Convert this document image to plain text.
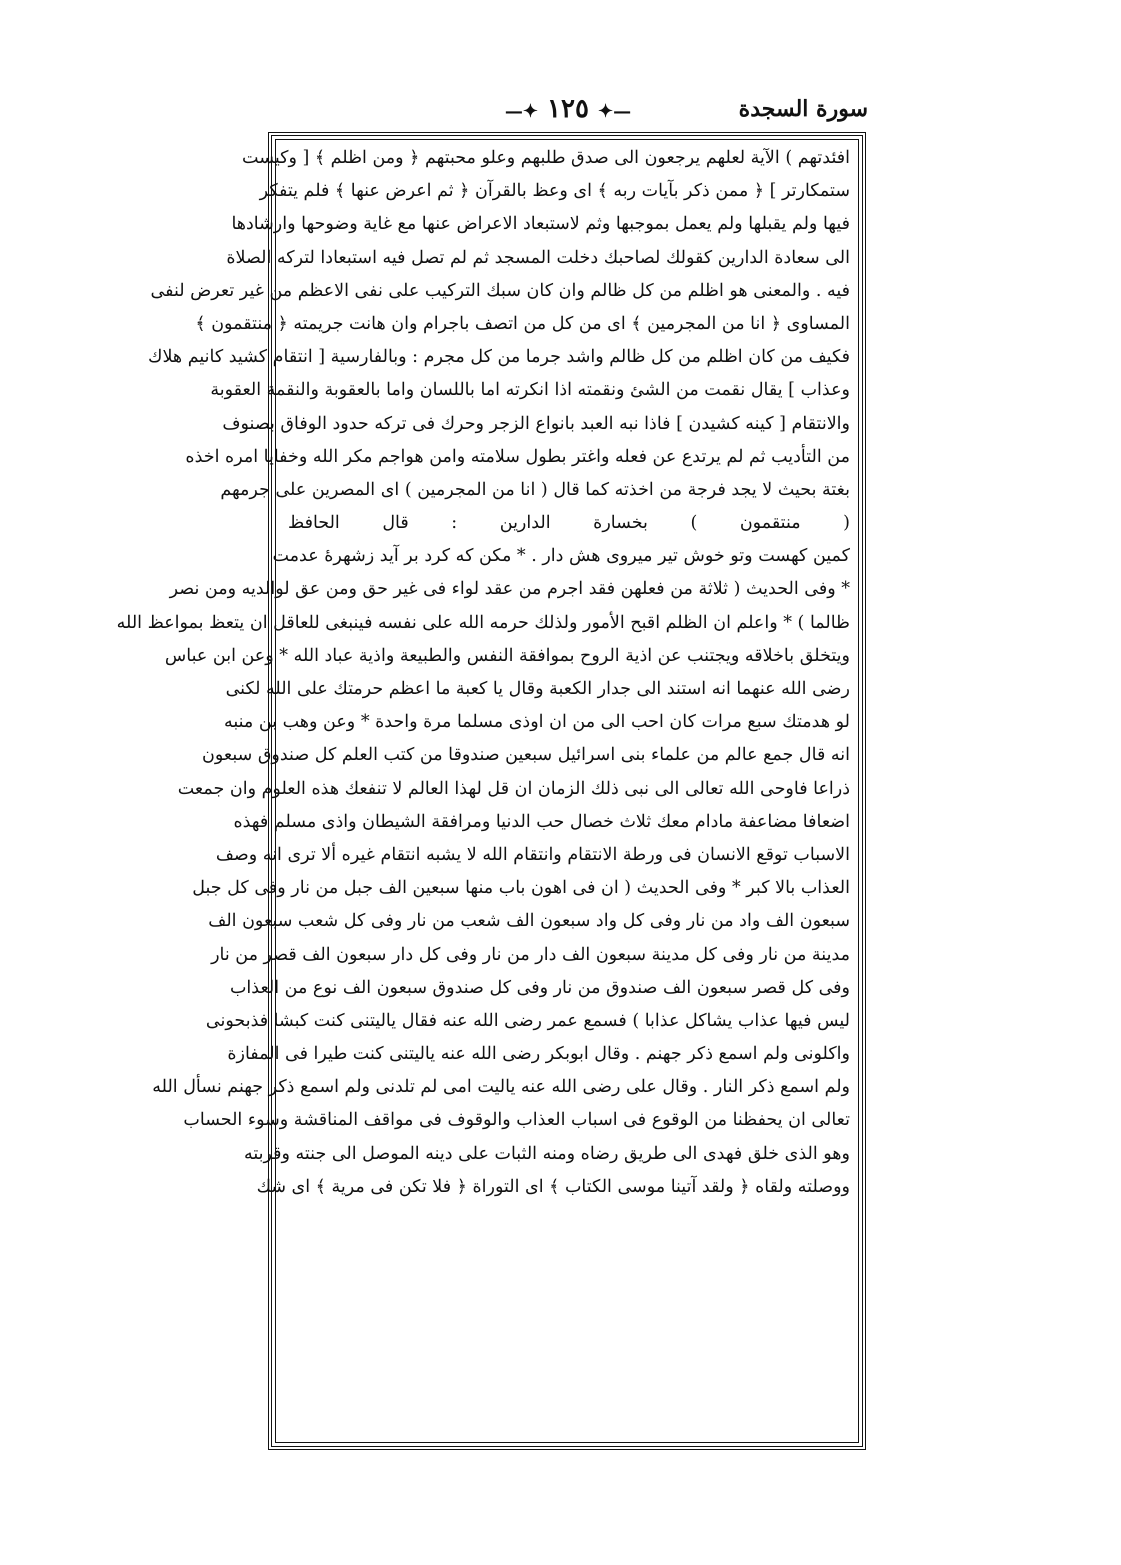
سورة السجدة
—✦ ١٢٥ ✦—
افئدتهم ) الآية لعلهم يرجعون الى صدق طلبهم وعلو محبتهم ﴿ ومن اظلم ﴾ [ وكيست
ستمكارتر ] ﴿ ممن ذكر بآيات ربه ﴾ اى وعظ بالقرآن ﴿ ثم اعرض عنها ﴾ فلم يتفكر
فيها ولم يقبلها ولم يعمل بموجبها وثم لاستبعاد الاعراض عنها مع غاية وضوحها وارشادها
الى سعادة الدارين كقولك لصاحبك دخلت المسجد ثم لم تصل فيه استبعادا لتركه الصلاة
فيه . والمعنى هو اظلم من كل ظالم وان كان سبك التركيب على نفى الاعظم من غير تعرض لنفى
المساوى ﴿ انا من المجرمين ﴾ اى من كل من اتصف باجرام وان هانت جريمته ﴿ منتقمون ﴾
فكيف من كان اظلم من كل ظالم واشد جرما من كل مجرم : وبالفارسية [ انتقام كشيد كانيم هلاك
وعذاب ] يقال نقمت من الشئ ونقمته اذا انكرته اما باللسان واما بالعقوبة والنقمة العقوبة
والانتقام [ كينه كشيدن ] فاذا نبه العبد بانواع الزجر وحرك فى تركه حدود الوفاق بصنوف
من التأديب ثم لم يرتدع عن فعله واغتر بطول سلامته وامن هواجم مكر الله وخفايا امره اخذه
بغتة بحيث لا يجد فرجة من اخذته كما قال ( انا من المجرمين ) اى المصرين على جرمهم
( منتقمون ) بخسارة الدارين : قال الحافظ
كمين كهست وتو خوش تير ميروى هش دار . * مكن كه كرد بر آيد زشهرهٔ عدمت
* وفى الحديث ( ثلاثة من فعلهن فقد اجرم من عقد لواء فى غير حق ومن عق لوالديه ومن نصر
ظالما ) * واعلم ان الظلم اقبح الأمور ولذلك حرمه الله على نفسه فينبغى للعاقل ان يتعظ بمواعظ الله
ويتخلق باخلاقه ويجتنب عن اذية الروح بموافقة النفس والطبيعة واذية عباد الله * وعن ابن عباس
رضى الله عنهما انه استند الى جدار الكعبة وقال يا كعبة ما اعظم حرمتك على الله لكنى
لو هدمتك سبع مرات كان احب الى من ان اوذى مسلما مرة واحدة * وعن وهب بن منبه
انه قال جمع عالم من علماء بنى اسرائيل سبعين صندوقا من كتب العلم كل صندوق سبعون
ذراعا فاوحى الله تعالى الى نبى ذلك الزمان ان قل لهذا العالم لا تنفعك هذه العلوم وان جمعت
اضعافا مضاعفة مادام معك ثلاث خصال حب الدنيا ومرافقة الشيطان واذى مسلم فهذه
الاسباب توقع الانسان فى ورطة الانتقام وانتقام الله لا يشبه انتقام غيره ألا ترى انه وصف
العذاب بالا كبر * وفى الحديث ( ان فى اهون باب منها سبعين الف جبل من نار وفى كل جبل
سبعون الف واد من نار وفى كل واد سبعون الف شعب من نار وفى كل شعب سبعون الف
مدينة من نار وفى كل مدينة سبعون الف دار من نار وفى كل دار سبعون الف قصر من نار
وفى كل قصر سبعون الف صندوق من نار وفى كل صندوق سبعون الف نوع من العذاب
ليس فيها عذاب يشاكل عذابا ) فسمع عمر رضى الله عنه فقال ياليتنى كنت كبشا فذبحونى
واكلونى ولم اسمع ذكر جهنم . وقال ابوبكر رضى الله عنه ياليتنى كنت طيرا فى المفازة
ولم اسمع ذكر النار . وقال على رضى الله عنه ياليت امى لم تلدنى ولم اسمع ذكر جهنم نسأل الله
تعالى ان يحفظنا من الوقوع فى اسباب العذاب والوقوف فى مواقف المناقشة وسوء الحساب
وهو الذى خلق فهدى الى طريق رضاه ومنه الثبات على دينه الموصل الى جنته وقربته
ووصلته ولقاه ﴿ ولقد آتينا موسى الكتاب ﴾ اى التوراة ﴿ فلا تكن فى مرية ﴾ اى شك
